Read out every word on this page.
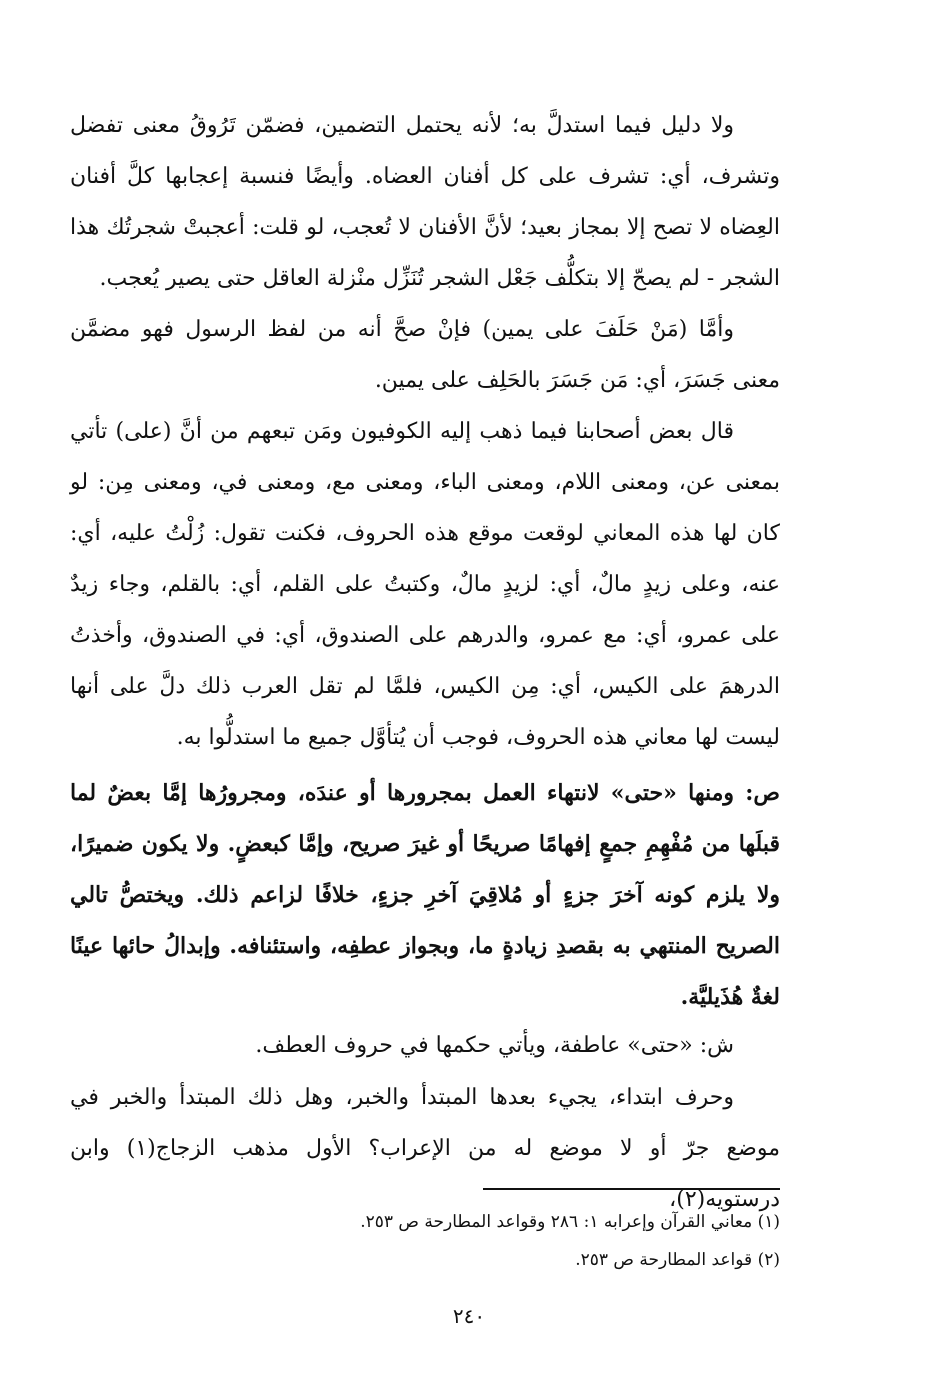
ولا دليل فيما استدلَّ به؛ لأنه يحتمل التضمين، فضمّن تَرُوقُ معنى تفضل وتشرف، أي: تشرف على كل أفنان العضاه. وأيضًا فنسبة إعجابها كلَّ أفنان العِضاه لا تصح إلا بمجاز بعيد؛ لأنَّ الأفنان لا تُعجب، لو قلت: أعجبتْ شجرتُك هذا الشجر - لم يصحّ إلا بتكلُّف جَعْل الشجر تُنَزِّل منْزلة العاقل حتى يصير يُعجب.

وأمَّا (مَنْ حَلَفَ على يمين) فإنْ صحَّ أنه من لفظ الرسول فهو مضمَّن معنى جَسَرَ، أي: مَن جَسَرَ بالحَلِف على يمين.

قال بعض أصحابنا فيما ذهب إليه الكوفيون ومَن تبعهم من أنَّ (على) تأتي بمعنى عن، ومعنى اللام، ومعنى الباء، ومعنى مع، ومعنى في، ومعنى مِن: لو كان لها هذه المعاني لوقعت موقع هذه الحروف، فكنت تقول: زُلْتُ عليه، أي: عنه، وعلى زيدٍ مالٌ، أي: لزيدٍ مالٌ، وكتبتُ على القلم، أي: بالقلم، وجاء زيدٌ على عمرو، أي: مع عمرو، والدرهم على الصندوق، أي: في الصندوق، وأخذتُ الدرهمَ على الكيس، أي: مِن الكيس، فلمَّا لم تقل العرب ذلك دلَّ على أنها ليست لها معاني هذه الحروف، فوجب أن يُتأوَّل جميع ما استدلُّوا به.

ص: ومنها «حتى» لانتهاء العمل بمجرورها أو عندَه، ومجرورُها إمَّا بعضٌ لما قبلَها من مُفْهِمِ جمعٍ إفهامًا صريحًا أو غيرَ صريح، وإمَّا كبعضٍ. ولا يكون ضميرًا، ولا يلزم كونه آخرَ جزءٍ أو مُلاقِيَ آخرِ جزءٍ، خلافًا لزاعم ذلك. ويختصُّ تالي الصريح المنتهي به بقصدِ زيادةٍ ما، وبجواز عطفِه، واستئنافه. وإبدالُ حائها عينًا لغةٌ هُذَيليَّة.

ش: «حتى» عاطفة، ويأتي حكمها في حروف العطف.

وحرف ابتداء، يجيء بعدها المبتدأ والخبر، وهل ذلك المبتدأ والخبر في موضع جرّ أو لا موضع له من الإعراب؟ الأول مذهب الزجاج(١) وابن درستويه(٢)،

(١) معاني القرآن وإعرابه ١: ٢٨٦ وقواعد المطارحة ص ٢٥٣.

(٢) قواعد المطارحة ص ٢٥٣.

٢٤٠
